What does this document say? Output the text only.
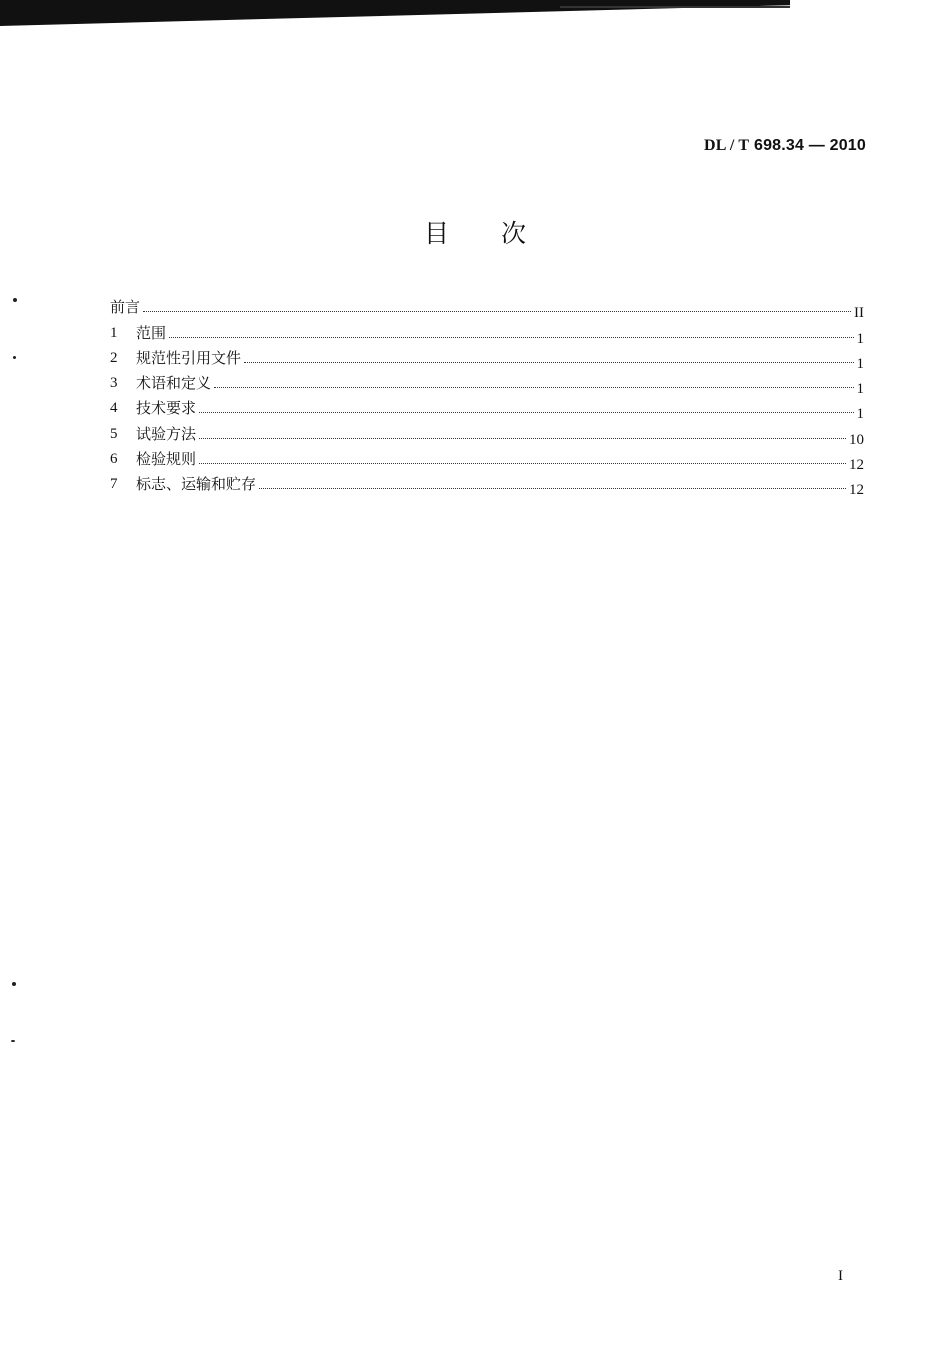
DL / T 698.34 — 2010
目 次
前言	II
1	范围	1
2	规范性引用文件	1
3	术语和定义	1
4	技术要求	1
5	试验方法	10
6	检验规则	12
7	标志、运输和贮存	12
I
